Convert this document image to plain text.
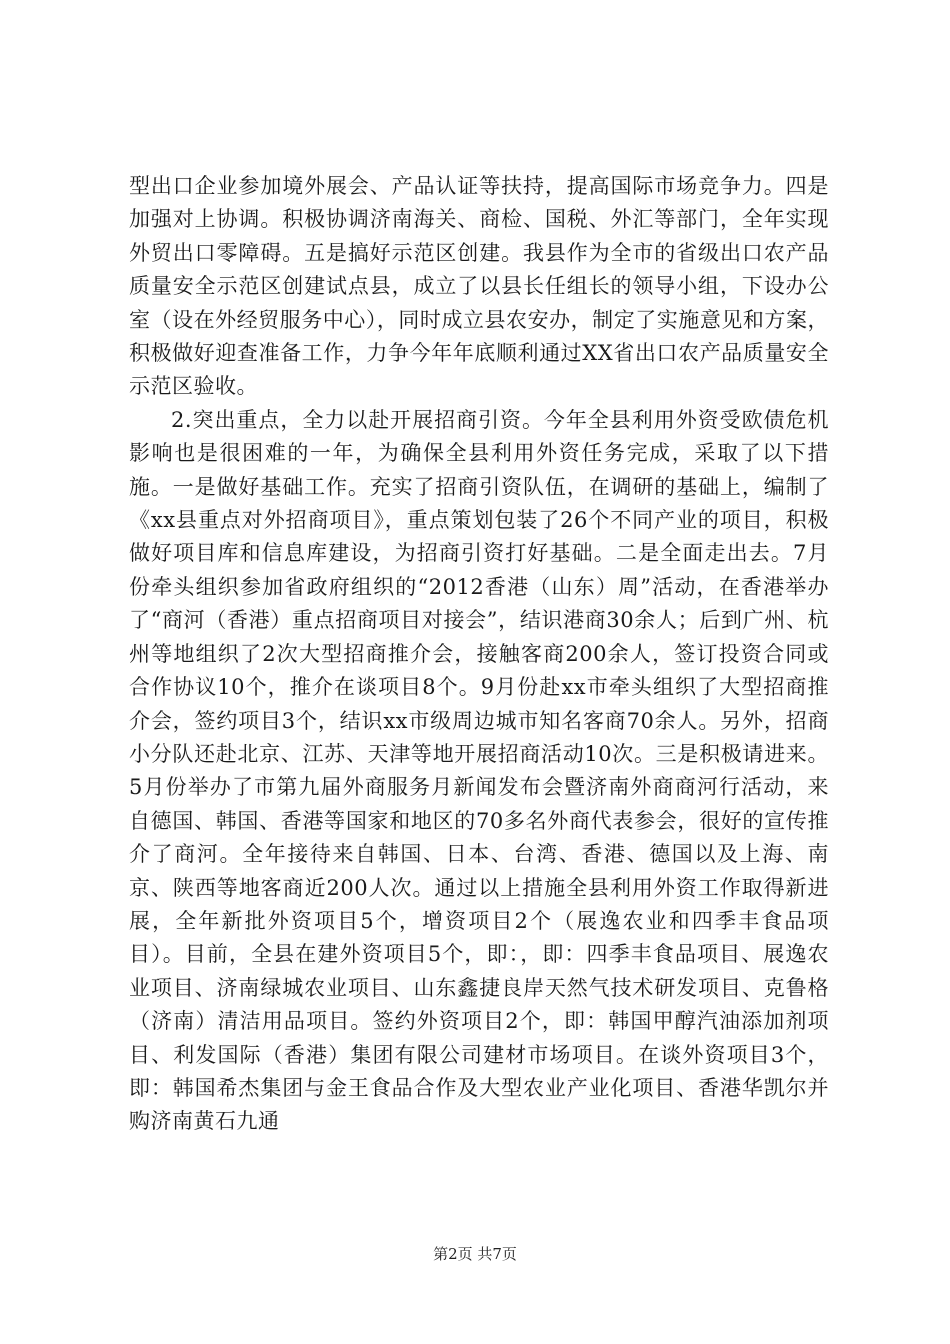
型出口企业参加境外展会、产品认证等扶持，提高国际市场竞争力。四是加强对上协调。积极协调济南海关、商检、国税、外汇等部门，全年实现外贸出口零障碍。五是搞好示范区创建。我县作为全市的省级出口农产品质量安全示范区创建试点县，成立了以县长任组长的领导小组，下设办公室（设在外经贸服务中心），同时成立县农安办，制定了实施意见和方案，积极做好迎查准备工作，力争今年年底顺利通过XX省出口农产品质量安全示范区验收。

2.突出重点，全力以赴开展招商引资。今年全县利用外资受欧债危机影响也是很困难的一年，为确保全县利用外资任务完成，采取了以下措施。一是做好基础工作。充实了招商引资队伍，在调研的基础上，编制了《xx县重点对外招商项目》，重点策划包装了26个不同产业的项目，积极做好项目库和信息库建设，为招商引资打好基础。二是全面走出去。7月份牵头组织参加省政府组织的“2012香港（山东）周”活动，在香港举办了“商河（香港）重点招商项目对接会”，结识港商30余人；后到广州、杭州等地组织了2次大型招商推介会，接触客商200余人，签订投资合同或合作协议10个，推介在谈项目8个。9月份赴xx市牵头组织了大型招商推介会，签约项目3个，结识xx市级周边城市知名客商70余人。另外，招商小分队还赴北京、江苏、天津等地开展招商活动10次。三是积极请进来。5月份举办了市第九届外商服务月新闻发布会暨济南外商商河行活动，来自德国、韩国、香港等国家和地区的70多名外商代表参会，很好的宣传推介了商河。全年接待来自韩国、日本、台湾、香港、德国以及上海、南京、陕西等地客商近200人次。通过以上措施全县利用外资工作取得新进展，全年新批外资项目5个，增资项目2个（展逸农业和四季丰食品项目）。目前，全县在建外资项目5个，即：，即：四季丰食品项目、展逸农业项目、济南绿城农业项目、山东鑫捷良岸天然气技术研发项目、克鲁格（济南）清洁用品项目。签约外资项目2个，即：韩国甲醇汽油添加剂项目、利发国际（香港）集团有限公司建材市场项目。在谈外资项目3个，即：韩国希杰集团与金王食品合作及大型农业产业化项目、香港华凯尔并购济南黄石九通

第2页 共7页
